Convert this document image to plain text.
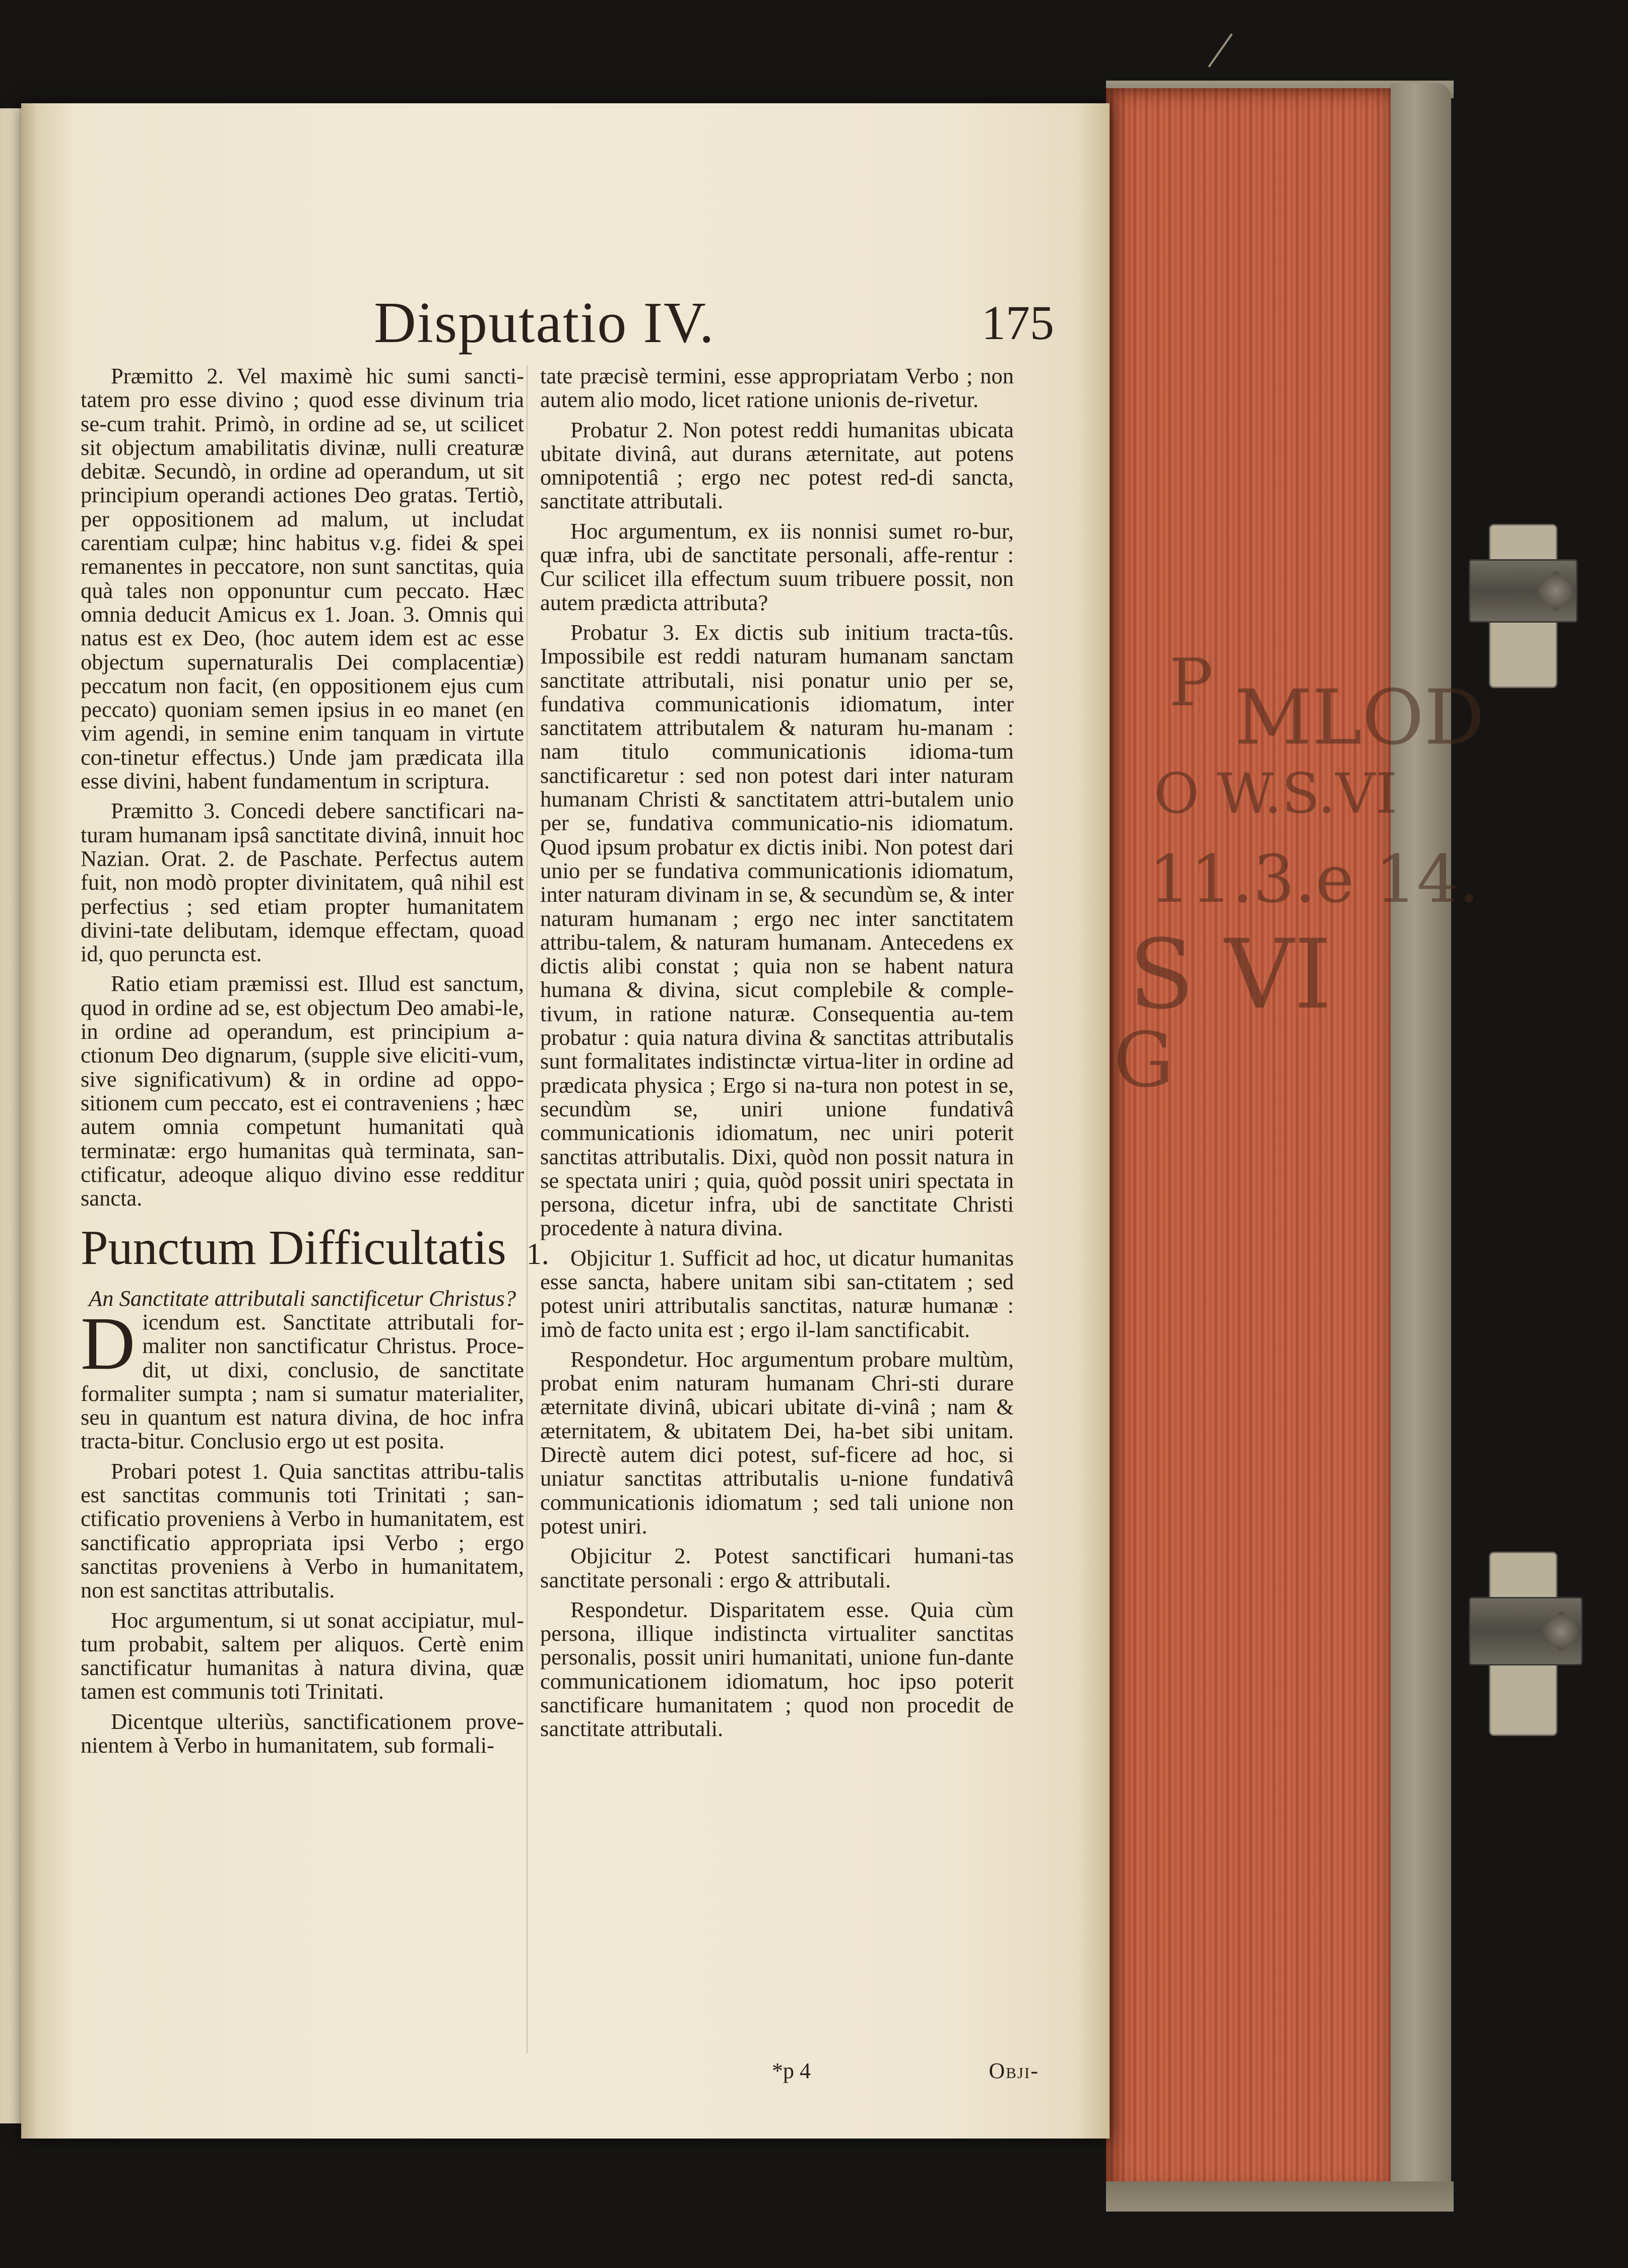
P MLOD
O W.S.VI
11.3.e 14.
S VI
G
Disputatio IV.	175

Præmitto 2. Vel maximè hic sumi sancti-tatem pro esse divino ; quod esse divinum tria se-cum trahit. Primò, in ordine ad se, ut scilicet sit objectum amabilitatis divinæ, nulli creaturæ debitæ. Secundò, in ordine ad operandum, ut sit principium operandi actiones Deo gratas. Tertiò, per oppositionem ad malum, ut includat carentiam culpæ; hinc habitus v.g. fidei & spei remanentes in peccatore, non sunt sanctitas, quia quà tales non opponuntur cum peccato. Hæc omnia deducit Amicus ex 1. Joan. 3. Omnis qui natus est ex Deo, (hoc autem idem est ac esse objectum supernaturalis Dei complacentiæ) peccatum non facit, (en oppositionem ejus cum peccato) quoniam semen ipsius in eo manet (en vim agendi, in semine enim tanquam in virtute con-tinetur effectus.) Unde jam prædicata illa esse divini, habent fundamentum in scriptura.

Præmitto 3. Concedi debere sanctificari na-turam humanam ipsâ sanctitate divinâ, innuit hoc Nazian. Orat. 2. de Paschate. Perfectus autem fuit, non modò propter divinitatem, quâ nihil est perfectius ; sed etiam propter humanitatem divini-tate delibutam, idemque effectam, quoad id, quo perunctа est.

Ratio etiam præmissi est. Illud est sanctum, quod in ordine ad se, est objectum Deo amabi-le, in ordine ad operandum, est principium a-ctionum Deo dignarum, (supple sive eliciti-vum, sive significativum) & in ordine ad oppo-sitionem cum peccato, est ei contraveniens ; hæc autem omnia competunt humanitati quà terminatæ: ergo humanitas quà terminata, san-ctificatur, adeoque aliquo divino esse redditur sancta.

Punctum Difficultatis 1.

An Sanctitate attributali sanctificetur Christus?

Dicendum est. Sanctitate attributali for-maliter non sanctificatur Christus. Proce-dit, ut dixi, conclusio, de sanctitate formaliter sumpta ; nam si sumatur materialiter, seu in quantum est natura divina, de hoc infra tracta-bitur. Conclusio ergo ut est posita.

Probari potest 1. Quia sanctitas attribu-talis est sanctitas communis toti Trinitati ; san-ctificatio proveniens à Verbo in humanitatem, est sanctificatio appropriata ipsi Verbo ; ergo sanctitas proveniens à Verbo in humanitatem, non est sanctitas attributalis.

Hoc argumentum, si ut sonat accipiatur, mul-tum probabit, saltem per aliquos. Certè enim sanctificatur humanitas à natura divina, quæ tamen est communis toti Trinitati.

Dicentque ulteriùs, sanctificationem prove-nientem à Verbo in humanitatem, sub formali-

tate præcisè termini, esse appropriatam Verbo ; non autem alio modo, licet ratione unionis de-rivetur.

Probatur 2. Non potest reddi humanitas ubicata ubitate divinâ, aut durans æternitate, aut potens omnipotentiâ ; ergo nec potest red-di sancta, sanctitate attributali.

Hoc argumentum, ex iis nonnisi sumet ro-bur, quæ infra, ubi de sanctitate personali, affe-rentur : Cur scilicet illa effectum suum tribuere possit, non autem prædicta attributa?

Probatur 3. Ex dictis sub initium tracta-tûs. Impossibile est reddi naturam humanam sanctam sanctitate attributali, nisi ponatur unio per se, fundativa communicationis idiomatum, inter sanctitatem attributalem & naturam hu-manam : nam titulo communicationis idioma-tum sanctificaretur : sed non potest dari inter naturam humanam Christi & sanctitatem attri-butalem unio per se, fundativa communicatio-nis idiomatum. Quod ipsum probatur ex dictis inibi. Non potest dari unio per se fundativa communicationis idiomatum, inter naturam divinam in se, & secundùm se, & inter naturam humanam ; ergo nec inter sanctitatem attribu-talem, & naturam humanam. Antecedens ex dictis alibi constat ; quia non se habent natura humana & divina, sicut complebile & comple-tivum, in ratione naturæ. Consequentia au-tem probatur : quia natura divina & sanctitas attributalis sunt formalitates indistinctæ virtua-liter in ordine ad prædicata physica ; Ergo si na-tura non potest in se, secundùm se, uniri unione fundativâ communicationis idiomatum, nec uniri poterit sanctitas attributalis. Dixi, quòd non possit natura in se spectata uniri ; quia, quòd possit uniri spectata in persona, dicetur infra, ubi de sanctitate Christi procedente à natura divina.

Objicitur 1. Sufficit ad hoc, ut dicatur humanitas esse sancta, habere unitam sibi san-ctitatem ; sed potest uniri attributalis sanctitas, naturæ humanæ : imò de facto unita est ; ergo il-lam sanctificabit.

Respondetur. Hoc argumentum probare multùm, probat enim naturam humanam Chri-sti durare æternitate divinâ, ubicari ubitate di-vinâ ; nam & æternitatem, & ubitatem Dei, ha-bet sibi unitam. Directè autem dici potest, suf-ficere ad hoc, si uniatur sanctitas attributalis u-nione fundativâ communicationis idiomatum ; sed tali unione non potest uniri.

Objicitur 2. Potest sanctificari humani-tas sanctitate personali : ergo & attributali.

Respondetur. Disparitatem esse. Quia cùm persona, illique indistincta virtualiter sanctitas personalis, possit uniri humanitati, unione fun-dante communicationem idiomatum, hoc ipso poterit sanctificare humanitatem ; quod non procedit de sanctitate attributali.

*p 4	Obji-
